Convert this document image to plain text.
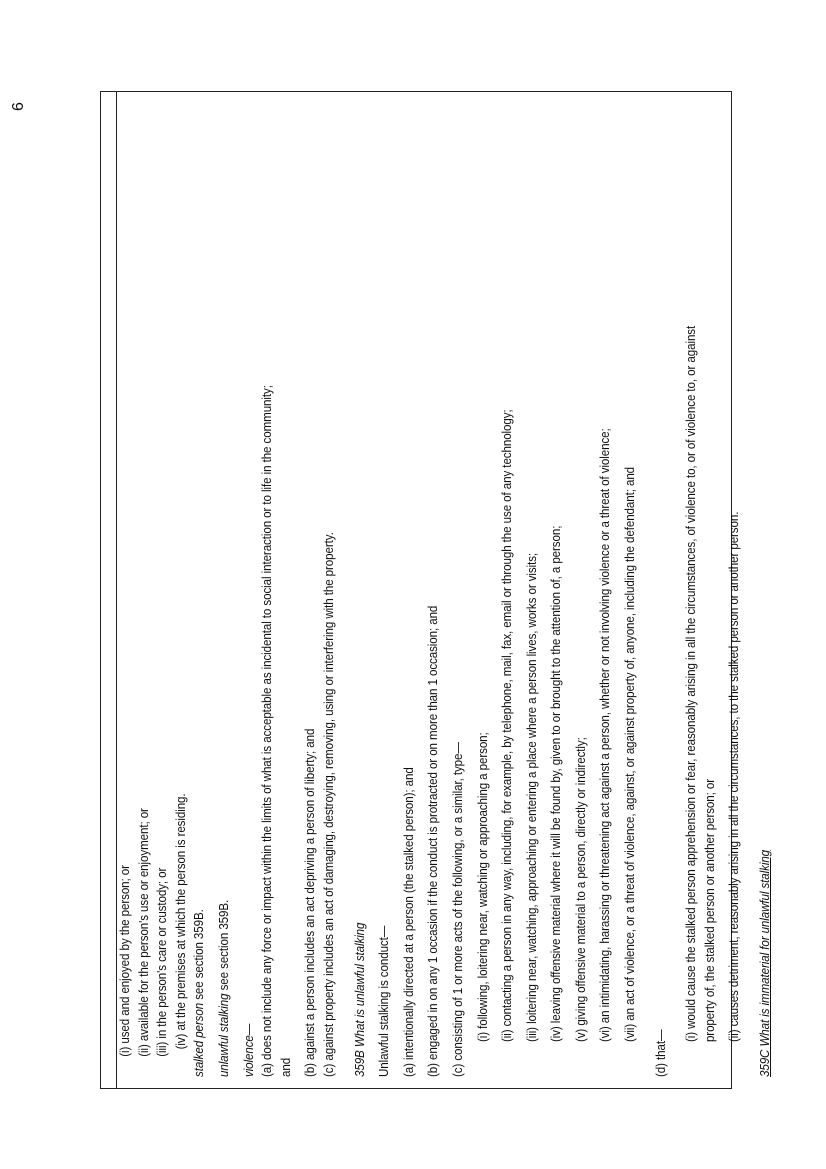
6
(i) used and enjoyed by the person; or (ii) available for the person's use or enjoyment; or (iii) in the person's care or custody; or (iv) at the premises at which the person is residing. stalked person see section 359B.
unlawful stalking see section 359B.
violence— (a) does not include any force or impact within the limits of what is acceptable as incidental to social interaction or to life in the community; and (b) against a person includes an act depriving a person of liberty; and (c) against property includes an act of damaging, destroying, removing, using or interfering with the property. 359B What is unlawful stalking Unlawful stalking is conduct— (a) intentionally directed at a person (the stalked person); and (b) engaged in on any 1 occasion if the conduct is protracted or on more than 1 occasion; and (c) consisting of 1 or more acts of the following, or a similar, type— (i) following, loitering near, watching or approaching a person; (ii) contacting a person in any way, including, for example, by telephone, mail, fax, email or through the use of any technology; (iii) loitering near, watching, approaching or entering a place where a person lives, works or visits; (iv) leaving offensive material where it will be found by, given to or brought to the attention of, a person; (v) giving offensive material to a person, directly or indirectly; (vi) an intimidating, harassing or threatening act against a person, whether or not involving violence or a threat of violence; (vii) an act of violence, or a threat of violence, against, or against property of, anyone, including the defendant; and
(d) that—
(i) would cause the stalked person apprehension or fear, reasonably arising in all the circumstances, of violence to, or of violence to, or against property of, the stalked person or another person; or (ii) causes detriment, reasonably arising in all the circumstances, to the stalked person or another person. 359C What is immaterial for unlawful stalking
